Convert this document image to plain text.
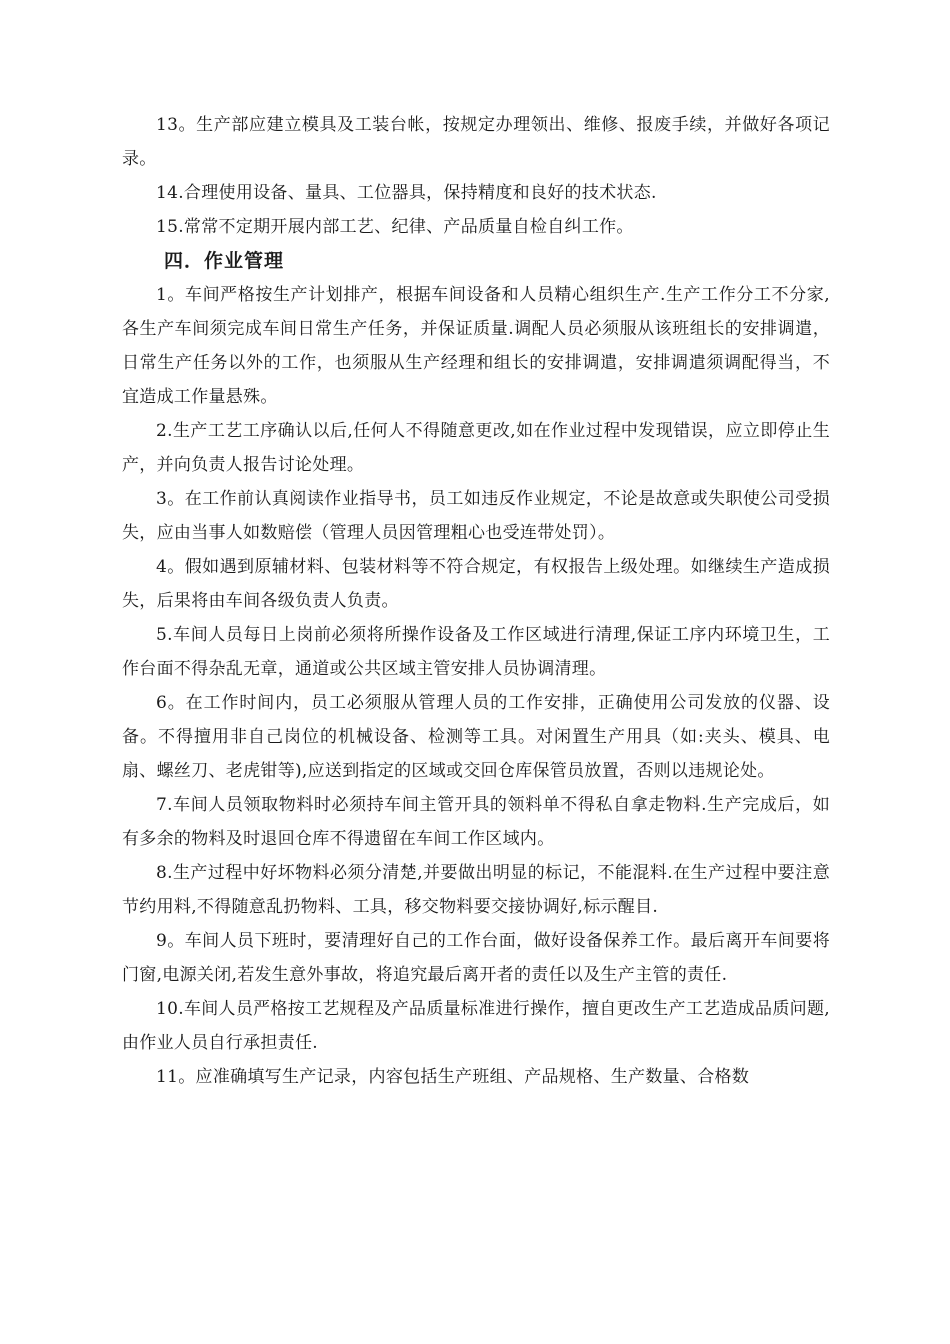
13。生产部应建立模具及工装台帐，按规定办理领出、维修、报废手续，并做好各项记录。

14.合理使用设备、量具、工位器具，保持精度和良好的技术状态.

15.常常不定期开展内部工艺、纪律、产品质量自检自纠工作。

四．作业管理

1。车间严格按生产计划排产，根据车间设备和人员精心组织生产.生产工作分工不分家,各生产车间须完成车间日常生产任务，并保证质量.调配人员必须服从该班组长的安排调遣，日常生产任务以外的工作，也须服从生产经理和组长的安排调遣，安排调遣须调配得当，不宜造成工作量悬殊。

2.生产工艺工序确认以后,任何人不得随意更改,如在作业过程中发现错误，应立即停止生产，并向负责人报告讨论处理。

3。在工作前认真阅读作业指导书，员工如违反作业规定，不论是故意或失职使公司受损失，应由当事人如数赔偿（管理人员因管理粗心也受连带处罚）。

4。假如遇到原辅材料、包装材料等不符合规定，有权报告上级处理。如继续生产造成损失，后果将由车间各级负责人负责。

5.车间人员每日上岗前必须将所操作设备及工作区域进行清理,保证工序内环境卫生，工作台面不得杂乱无章，通道或公共区域主管安排人员协调清理。

6。在工作时间内，员工必须服从管理人员的工作安排，正确使用公司发放的仪器、设备。不得擅用非自己岗位的机械设备、检测等工具。对闲置生产用具（如:夹头、模具、电扇、螺丝刀、老虎钳等),应送到指定的区域或交回仓库保管员放置，否则以违规论处。

7.车间人员领取物料时必须持车间主管开具的领料单不得私自拿走物料.生产完成后，如有多余的物料及时退回仓库不得遗留在车间工作区域内。

8.生产过程中好坏物料必须分清楚,并要做出明显的标记，不能混料.在生产过程中要注意节约用料,不得随意乱扔物料、工具，移交物料要交接协调好,标示醒目.

9。车间人员下班时，要清理好自己的工作台面，做好设备保养工作。最后离开车间要将门窗,电源关闭,若发生意外事故，将追究最后离开者的责任以及生产主管的责任.

10.车间人员严格按工艺规程及产品质量标准进行操作，擅自更改生产工艺造成品质问题,由作业人员自行承担责任.

11。应准确填写生产记录，内容包括生产班组、产品规格、生产数量、合格数
